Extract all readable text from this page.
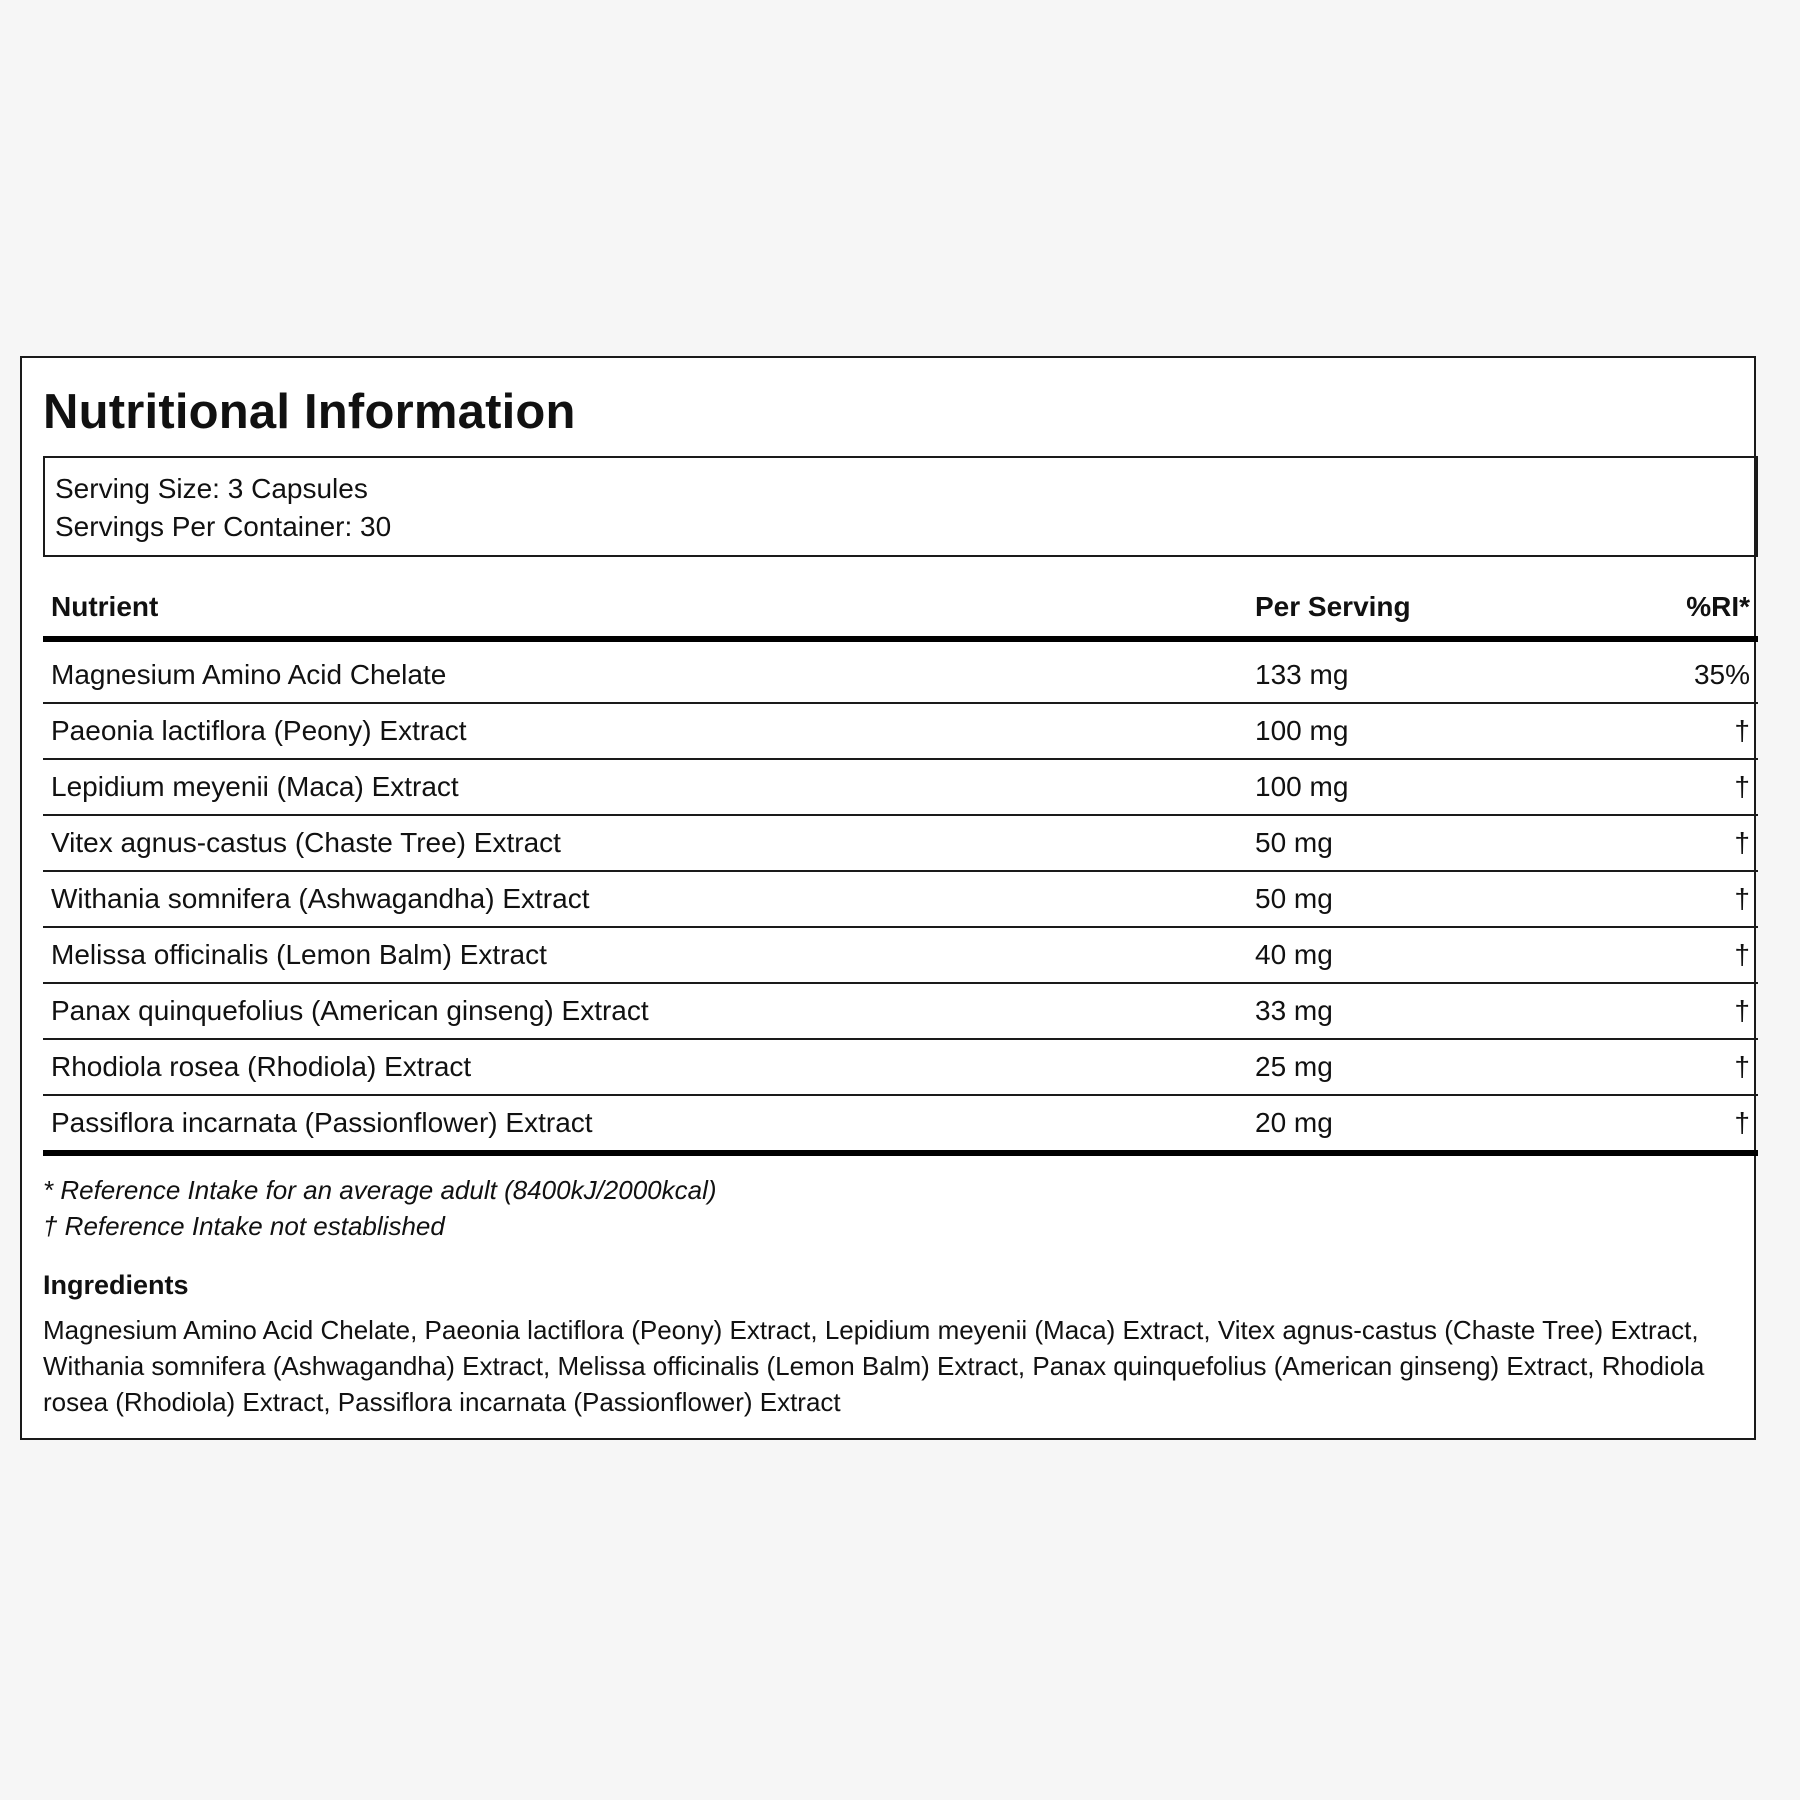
Nutritional Information
Serving Size: 3 Capsules
Servings Per Container: 30
Nutrient	Per Serving	%RI*
Magnesium Amino Acid Chelate	133 mg	35%
Paeonia lactiflora (Peony) Extract	100 mg	†
Lepidium meyenii (Maca) Extract	100 mg	†
Vitex agnus-castus (Chaste Tree) Extract	50 mg	†
Withania somnifera (Ashwagandha) Extract	50 mg	†
Melissa officinalis (Lemon Balm) Extract	40 mg	†
Panax quinquefolius (American ginseng) Extract	33 mg	†
Rhodiola rosea (Rhodiola) Extract	25 mg	†
Passiflora incarnata (Passionflower) Extract	20 mg	†
* Reference Intake for an average adult (8400kJ/2000kcal)
† Reference Intake not established
Ingredients
Magnesium Amino Acid Chelate, Paeonia lactiflora (Peony) Extract, Lepidium meyenii (Maca) Extract, Vitex agnus-castus (Chaste Tree) Extract, Withania somnifera (Ashwagandha) Extract, Melissa officinalis (Lemon Balm) Extract, Panax quinquefolius (American ginseng) Extract, Rhodiola rosea (Rhodiola) Extract, Passiflora incarnata (Passionflower) Extract
